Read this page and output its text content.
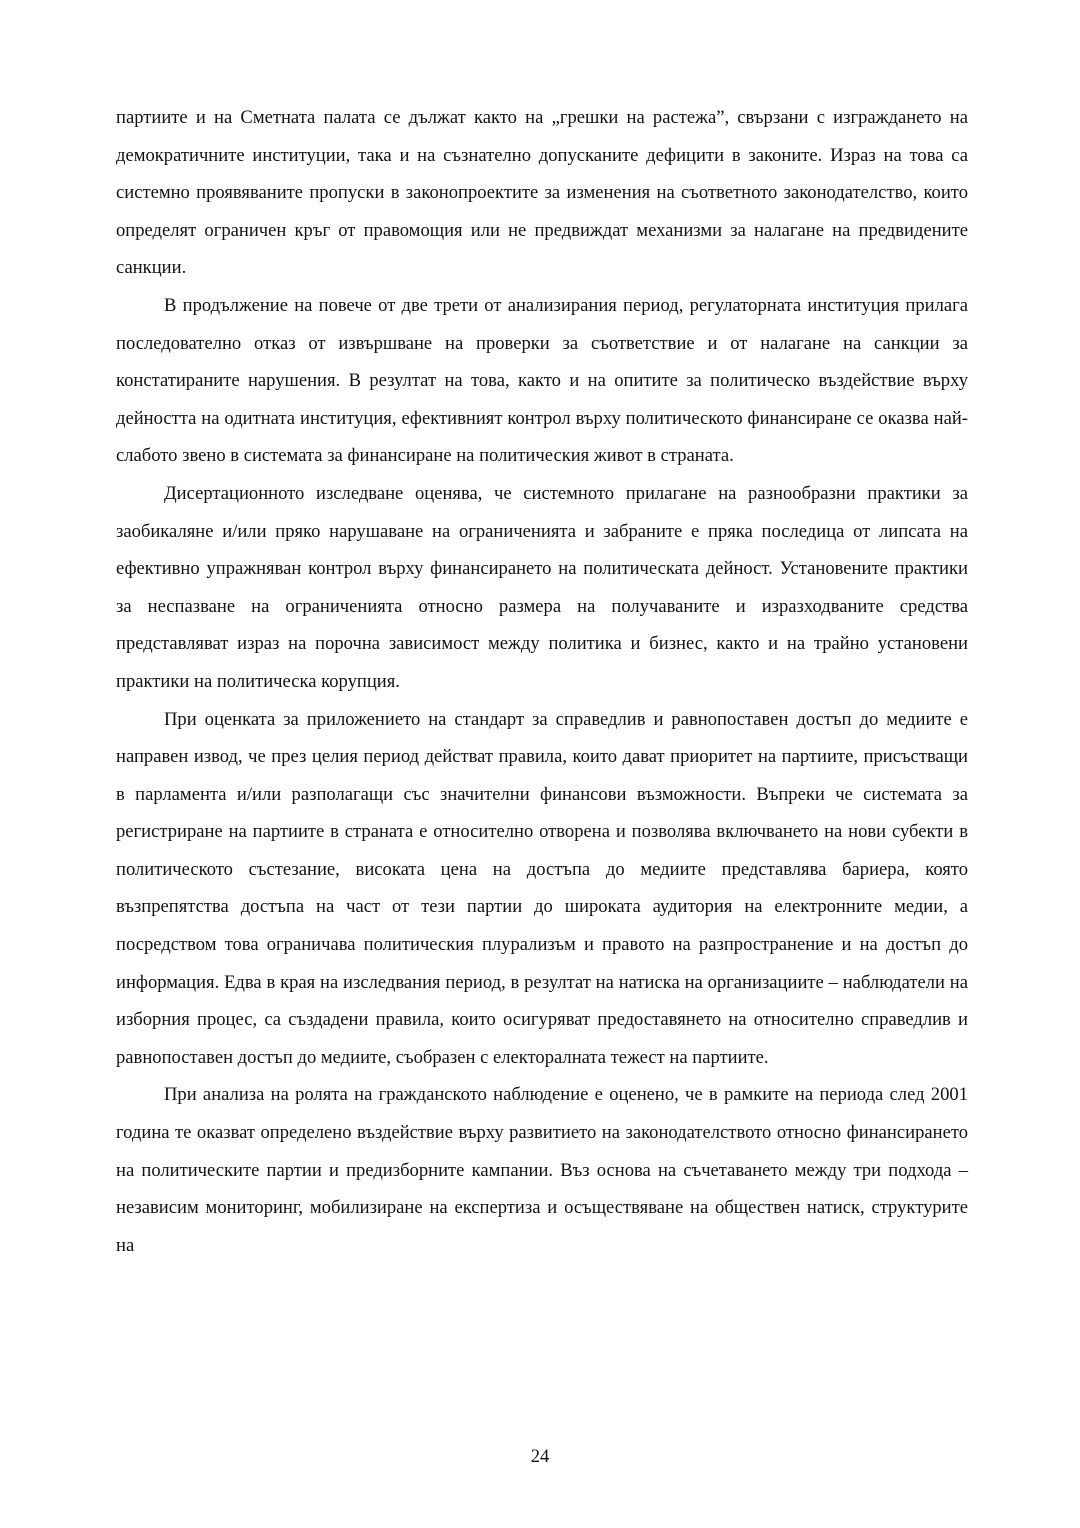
партиите и на Сметната палата се дължат както на „грешки на растежа”, свързани с изграждането на демократичните институции, така и на съзнателно допусканите дефицити в законите. Израз на това са системно проявяваните пропуски в законопроектите за изменения на съответното законодателство, които определят ограничен кръг от правомощия или не предвиждат механизми за налагане на предвидените санкции.

В продължение на повече от две трети от анализирания период, регулаторната институция прилага последователно отказ от извършване на проверки за съответствие и от налагане на санкции за констатираните нарушения. В резултат на това, както и на опитите за политическо въздействие върху дейността на одитната институция, ефективният контрол върху политическото финансиране се оказва най-слабото звено в системата за финансиране на политическия живот в страната.

Дисертационното изследване оценява, че системното прилагане на разнообразни практики за заобикаляне и/или пряко нарушаване на ограниченията и забраните е пряка последица от липсата на ефективно упражняван контрол върху финансирането на политическата дейност. Установените практики за неспазване на ограниченията относно размера на получаваните и изразходваните средства представляват израз на порочна зависимост между политика и бизнес, както и на трайно установени практики на политическа корупция.

При оценката за приложението на стандарт за справедлив и равнопоставен достъп до медиите е направен извод, че през целия период действат правила, които дават приоритет на партиите, присъстващи в парламента и/или разполагащи със значителни финансови възможности. Въпреки че системата за регистриране на партиите в страната е относително отворена и позволява включването на нови субекти в политическото състезание, високата цена на достъпа до медиите представлява бариера, която възпрепятства достъпа на част от тези партии до широката аудитория на електронните медии, а посредством това ограничава политическия плурализъм и правото на разпространение и на достъп до информация. Едва в края на изследвания период, в резултат на натиска на организациите – наблюдатели на изборния процес, са създадени правила, които осигуряват предоставянето на относително справедлив и равнопоставен достъп до медиите, съобразен с електоралната тежест на партиите.

При анализа на ролята на гражданското наблюдение е оценено, че в рамките на периода след 2001 година те оказват определено въздействие върху развитието на законодателството относно финансирането на политическите партии и предизборните кампании. Въз основа на съчетаването между три подхода – независим мониторинг, мобилизиране на експертиза и осъществяване на обществен натиск, структурите на

24
